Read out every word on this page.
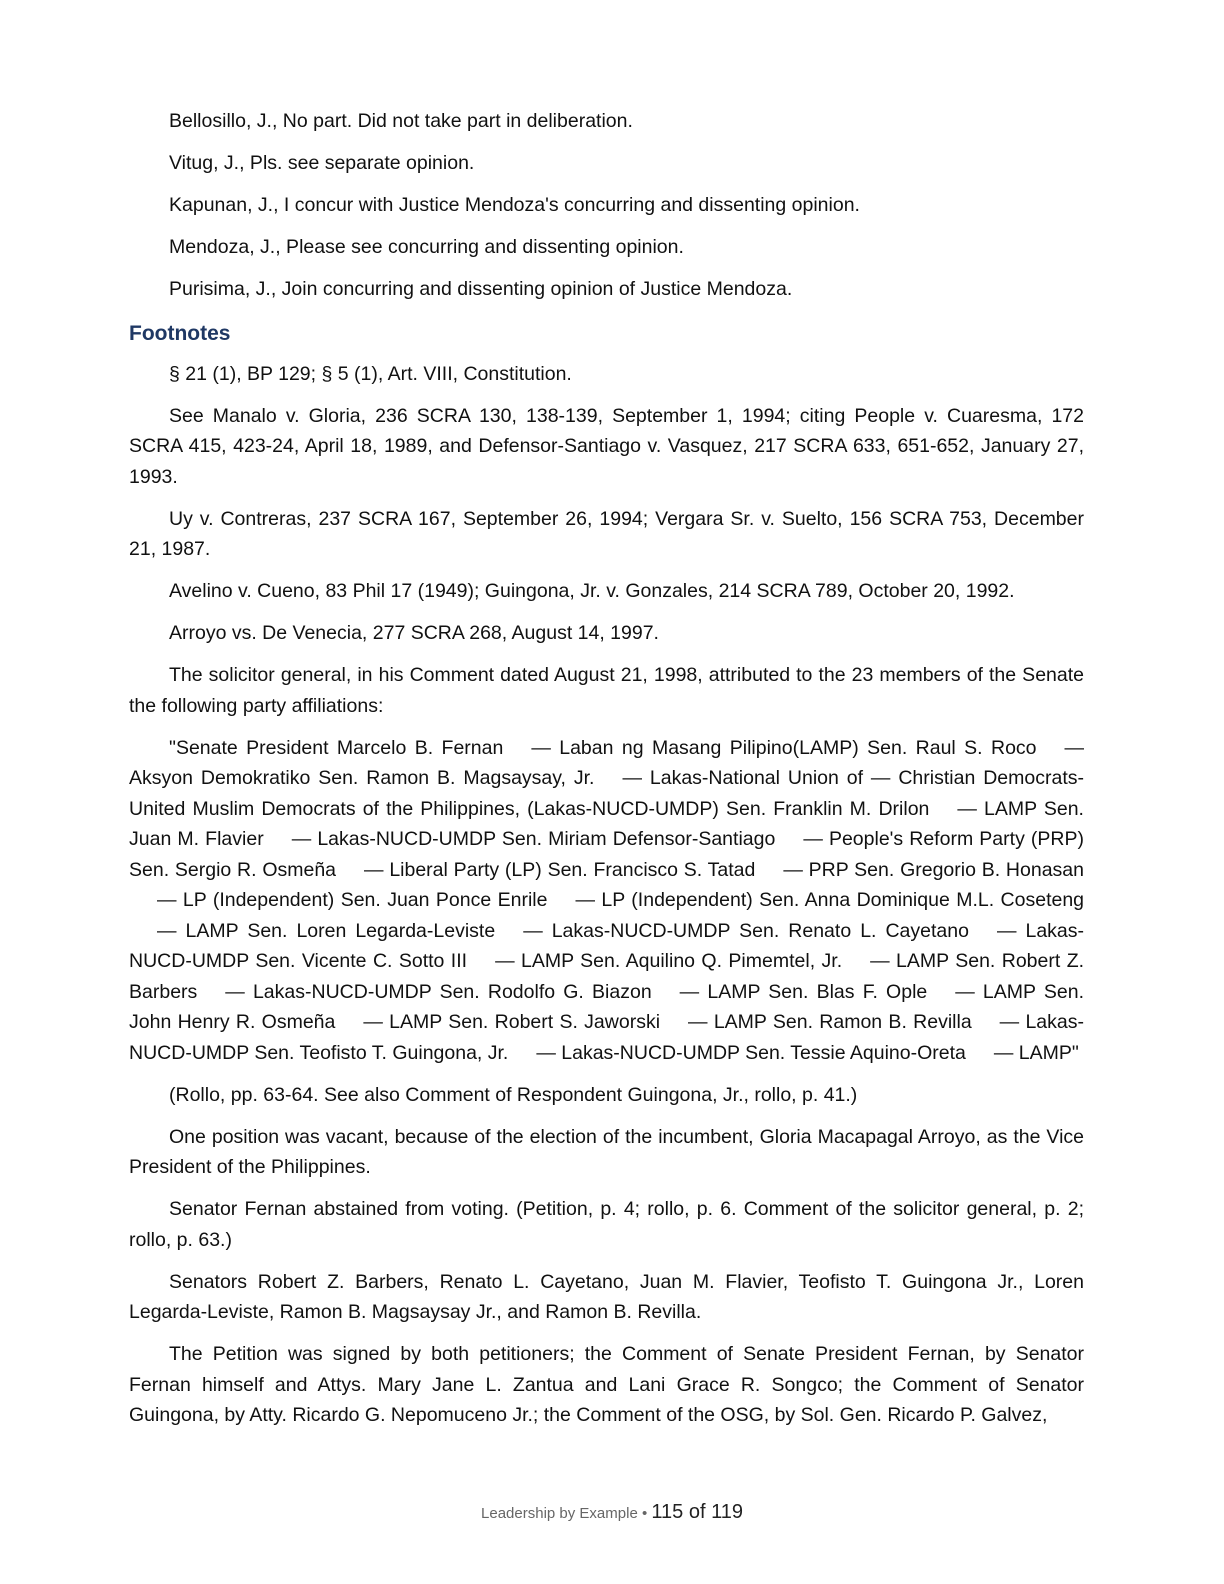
Bellosillo, J., No part. Did not take part in deliberation.

Vitug, J., Pls. see separate opinion.

Kapunan, J., I concur with Justice Mendoza's concurring and dissenting opinion.

Mendoza, J., Please see concurring and dissenting opinion.

Purisima, J., Join concurring and dissenting opinion of Justice Mendoza.

Footnotes

§ 21 (1), BP 129; § 5 (1), Art. VIII, Constitution.

See Manalo v. Gloria, 236 SCRA 130, 138-139, September 1, 1994; citing People v. Cuaresma, 172 SCRA 415, 423-24, April 18, 1989, and Defensor-Santiago v. Vasquez, 217 SCRA 633, 651-652, January 27, 1993.

Uy v. Contreras, 237 SCRA 167, September 26, 1994; Vergara Sr. v. Suelto, 156 SCRA 753, December 21, 1987.

Avelino v. Cueno, 83 Phil 17 (1949); Guingona, Jr. v. Gonzales, 214 SCRA 789, October 20, 1992.

Arroyo vs. De Venecia, 277 SCRA 268, August 14, 1997.

The solicitor general, in his Comment dated August 21, 1998, attributed to the 23 members of the Senate the following party affiliations:

"Senate President Marcelo B. Fernan — Laban ng Masang Pilipino(LAMP) Sen. Raul S. Roco — Aksyon Demokratiko Sen. Ramon B. Magsaysay, Jr. — Lakas-National Union of — Christian Democrats-United Muslim Democrats of the Philippines, (Lakas-NUCD-UMDP) Sen. Franklin M. Drilon — LAMP Sen. Juan M. Flavier — Lakas-NUCD-UMDP Sen. Miriam Defensor-Santiago — People's Reform Party (PRP) Sen. Sergio R. Osmeña — Liberal Party (LP) Sen. Francisco S. Tatad — PRP Sen. Gregorio B. Honasan— LP (Independent) Sen. Juan Ponce Enrile — LP (Independent) Sen. Anna Dominique M.L. Coseteng— LAMP Sen. Loren Legarda-Leviste — Lakas-NUCD-UMDP Sen. Renato L. Cayetano — Lakas-NUCD-UMDP Sen. Vicente C. Sotto III — LAMP Sen. Aquilino Q. Pimemtel, Jr. — LAMP Sen. Robert Z. Barbers — Lakas-NUCD-UMDP Sen. Rodolfo G. Biazon — LAMP Sen. Blas F. Ople — LAMP Sen. John Henry R. Osmeña — LAMP Sen. Robert S. Jaworski — LAMP Sen. Ramon B. Revilla — Lakas-NUCD-UMDP Sen. Teofisto T. Guingona, Jr. — Lakas-NUCD-UMDP Sen. Tessie Aquino-Oreta — LAMP"

(Rollo, pp. 63-64. See also Comment of Respondent Guingona, Jr., rollo, p. 41.)

One position was vacant, because of the election of the incumbent, Gloria Macapagal Arroyo, as the Vice President of the Philippines.

Senator Fernan abstained from voting. (Petition, p. 4; rollo, p. 6. Comment of the solicitor general, p. 2; rollo, p. 63.)

Senators Robert Z. Barbers, Renato L. Cayetano, Juan M. Flavier, Teofisto T. Guingona Jr., Loren Legarda-Leviste, Ramon B. Magsaysay Jr., and Ramon B. Revilla.

The Petition was signed by both petitioners; the Comment of Senate President Fernan, by Senator Fernan himself and Attys. Mary Jane L. Zantua and Lani Grace R. Songco; the Comment of Senator Guingona, by Atty. Ricardo G. Nepomuceno Jr.; the Comment of the OSG, by Sol. Gen. Ricardo P. Galvez,

Leadership by Example • 115 of 119
